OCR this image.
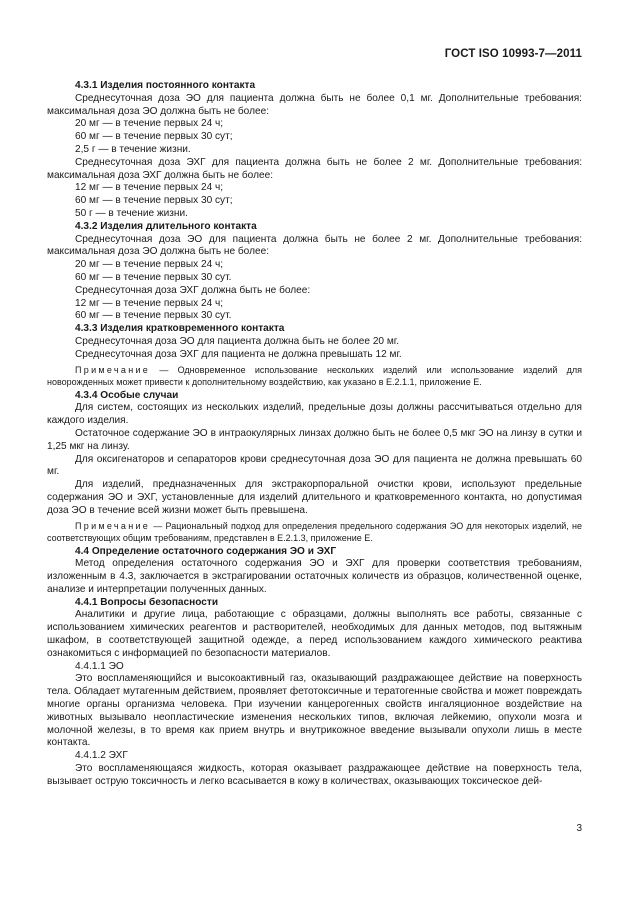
ГОСТ ISO 10993-7—2011
4.3.1 Изделия постоянного контакта
Среднесуточная доза ЭО для пациента должна быть не более 0,1 мг. Дополнительные требования: максимальная доза ЭО должна быть не более:
20 мг — в течение первых 24 ч;
60 мг — в течение первых 30 сут;
2,5 г — в течение жизни.
Среднесуточная доза ЭХГ для пациента должна быть не более 2 мг. Дополнительные требования: максимальная доза ЭХГ должна быть не более:
12 мг — в течение первых 24 ч;
60 мг — в течение первых 30 сут;
50 г — в течение жизни.
4.3.2 Изделия длительного контакта
Среднесуточная доза ЭО для пациента должна быть не более 2 мг. Дополнительные требования: максимальная доза ЭО должна быть не более:
20 мг — в течение первых 24 ч;
60 мг — в течение первых 30 сут.
Среднесуточная доза ЭХГ должна быть не более:
12 мг — в течение первых 24 ч;
60 мг — в течение первых 30 сут.
4.3.3 Изделия кратковременного контакта
Среднесуточная доза ЭО для пациента должна быть не более 20 мг.
Среднесуточная доза ЭХГ для пациента не должна превышать 12 мг.
Примечание — Одновременное использование нескольких изделий или использование изделий для новорожденных может привести к дополнительному воздействию, как указано в Е.2.1.1, приложение Е.
4.3.4 Особые случаи
Для систем, состоящих из нескольких изделий, предельные дозы должны рассчитываться отдельно для каждого изделия.
Остаточное содержание ЭО в интраокулярных линзах должно быть не более 0,5 мкг ЭО на линзу в сутки и 1,25 мкг на линзу.
Для оксигенаторов и сепараторов крови среднесуточная доза ЭО для пациента не должна превышать 60 мг.
Для изделий, предназначенных для экстракорпоральной очистки крови, используют предельные содержания ЭО и ЭХГ, установленные для изделий длительного и кратковременного контакта, но допустимая доза ЭО в течение всей жизни может быть превышена.
Примечание — Рациональный подход для определения предельного содержания ЭО для некоторых изделий, не соответствующих общим требованиям, представлен в Е.2.1.3, приложение Е.
4.4 Определение остаточного содержания ЭО и ЭХГ
Метод определения остаточного содержания ЭО и ЭХГ для проверки соответствия требованиям, изложенным в 4.3, заключается в экстрагировании остаточных количеств из образцов, количественной оценке, анализе и интерпретации полученных данных.
4.4.1 Вопросы безопасности
Аналитики и другие лица, работающие с образцами, должны выполнять все работы, связанные с использованием химических реагентов и растворителей, необходимых для данных методов, под вытяжным шкафом, в соответствующей защитной одежде, а перед использованием каждого химического реактива ознакомиться с информацией по безопасности материалов.
4.4.1.1 ЭО
Это воспламеняющийся и высокоактивный газ, оказывающий раздражающее действие на поверхность тела. Обладает мутагенным действием, проявляет фетотоксичные и тератогенные свойства и может повреждать многие органы организма человека. При изучении канцерогенных свойств ингаляционное воздействие на животных вызывало неопластические изменения нескольких типов, включая лейкемию, опухоли мозга и молочной железы, в то время как прием внутрь и внутрикожное введение вызывали опухоли лишь в месте контакта.
4.4.1.2 ЭХГ
Это воспламеняющаяся жидкость, которая оказывает раздражающее действие на поверхность тела, вызывает острую токсичность и легко всасывается в кожу в количествах, оказывающих токсическое дей-
3
